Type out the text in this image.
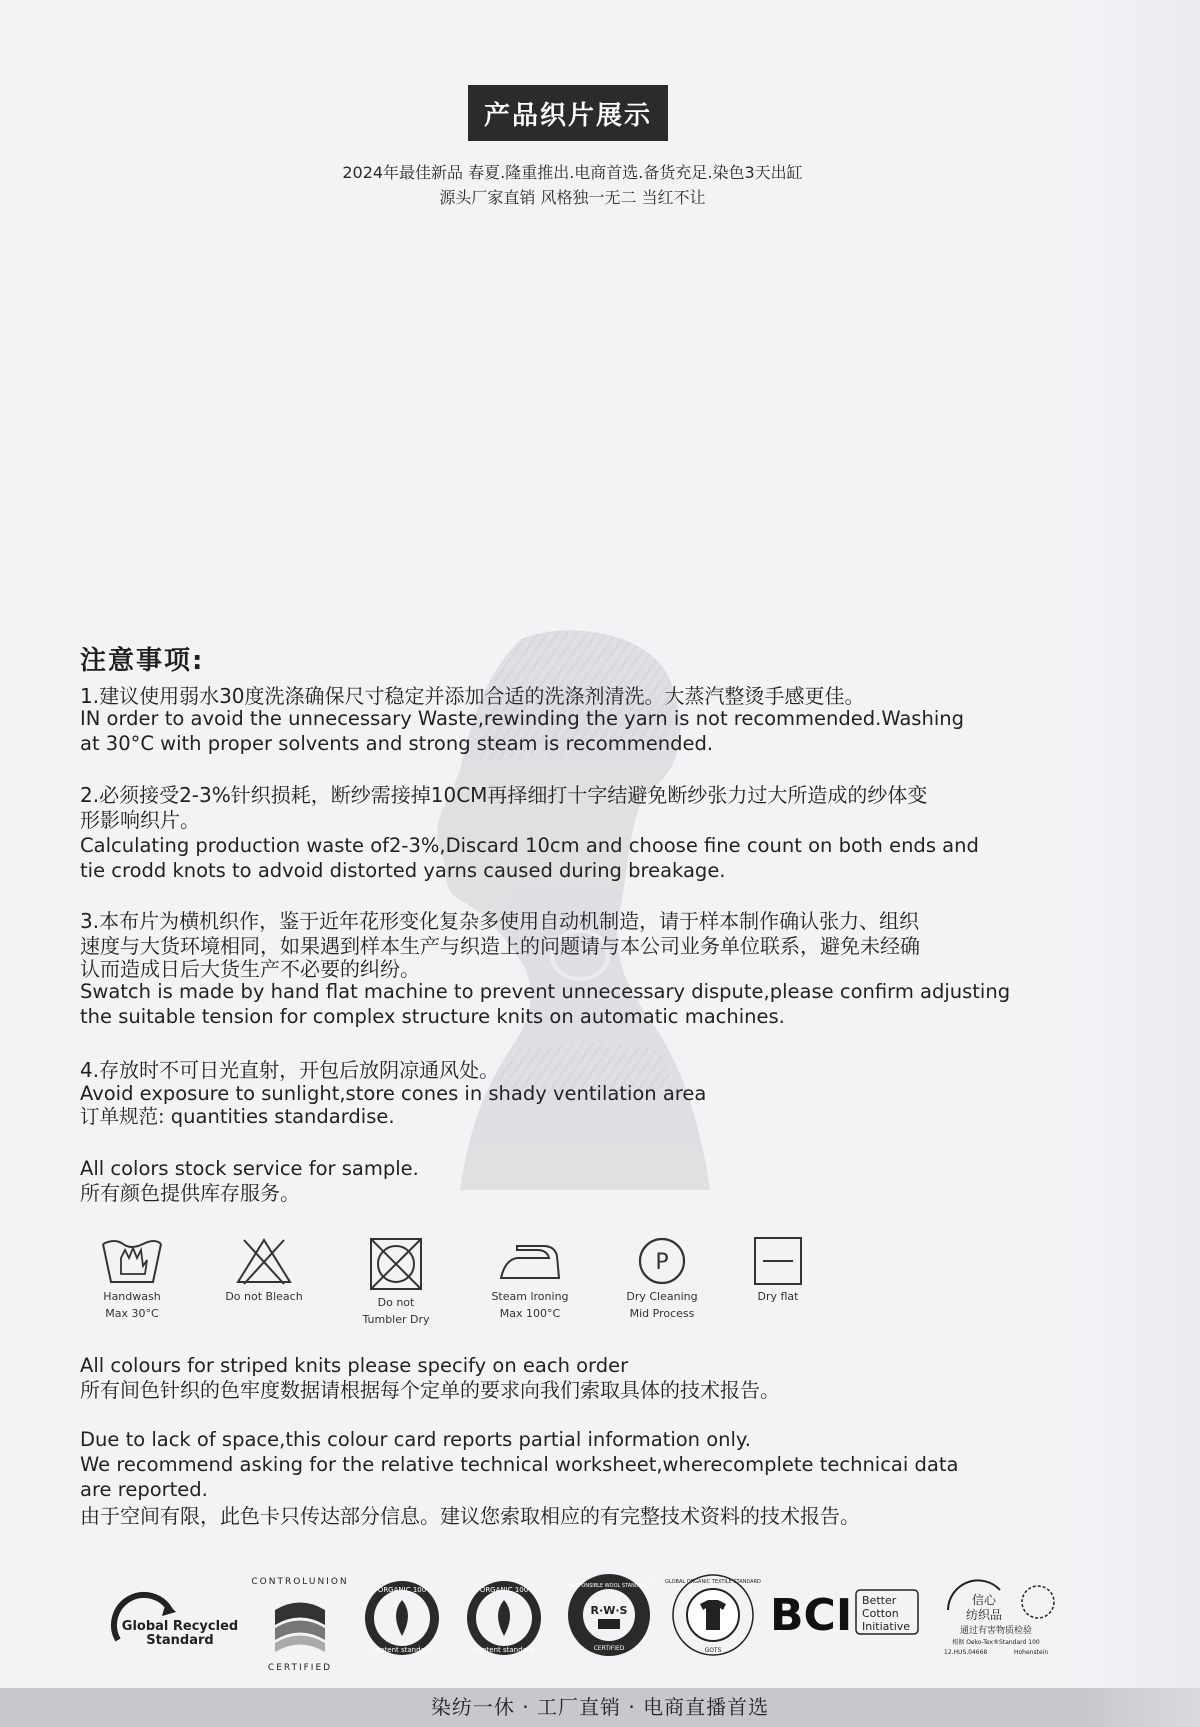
产品织片展示
2024年最佳新品 春夏.隆重推出.电商首选.备货充足.染色3天出缸
源头厂家直销 风格独一无二 当红不让
注意事项:
1.建议使用弱水30度洗涤确保尺寸稳定并添加合适的洗涤剂清洗。大蒸汽整烫手感更佳。
IN order to avoid the unnecessary Waste,rewinding the yarn is not recommended.Washing
at 30°C with proper solvents and strong steam is recommended.
2.必须接受2-3%针织损耗，断纱需接掉10CM再择细打十字结避免断纱张力过大所造成的纱体变
形影响织片。
Calculating production waste of2-3%,Discard 10cm and choose fine count on both ends and
tie crodd knots to advoid distorted yarns caused during breakage.
3.本布片为横机织作，鉴于近年花形变化复杂多使用自动机制造，请于样本制作确认张力、组织
速度与大货环境相同，如果遇到样本生产与织造上的问题请与本公司业务单位联系，避免未经确
认而造成日后大货生产不必要的纠纷。
Swatch is made by hand flat machine to prevent unnecessary dispute,please confirm adjusting
the suitable tension for complex structure knits on automatic machines.
4.存放时不可日光直射，开包后放阴凉通风处。
Avoid exposure to sunlight,store cones in shady ventilation area
订单规范: quantities standardise.
All colors stock service for sample.
所有颜色提供库存服务。
Handwash
Max 30°C
Do not Bleach	Do not
Tumbler Dry
Steam lroning
Max 100°C
P
Dry Cleaning
Mid Process
Dry flat
All colours for striped knits please specify on each order
所有间色针织的色牢度数据请根据每个定单的要求向我们索取具体的技术报告。
Due to lack of space,this colour card reports partial information only.
We recommend asking for the relative technical worksheet,wherecomplete technicai data
are reported.
由于空间有限，此色卡只传达部分信息。建议您索取相应的有完整技术资料的技术报告。
Global Recycled
Standard
CONTROLUNION
CERTIFIED
ORGANIC 100
content standard
ORGANIC 100
content standard
RESPONSIBLE WOOL STANDARD
R·W·S
CERTIFIED
GLOBAL ORGANIC TEXTILE STANDARD
GOTS
BCI Better
Cotton
Initiative
信心
纺织品
通过有害物质检验
根据 Oeko-Tex®Standard 100
12.HUS.04668	Hohenstein
染纺一休 · 工厂直销 · 电商直播首选
